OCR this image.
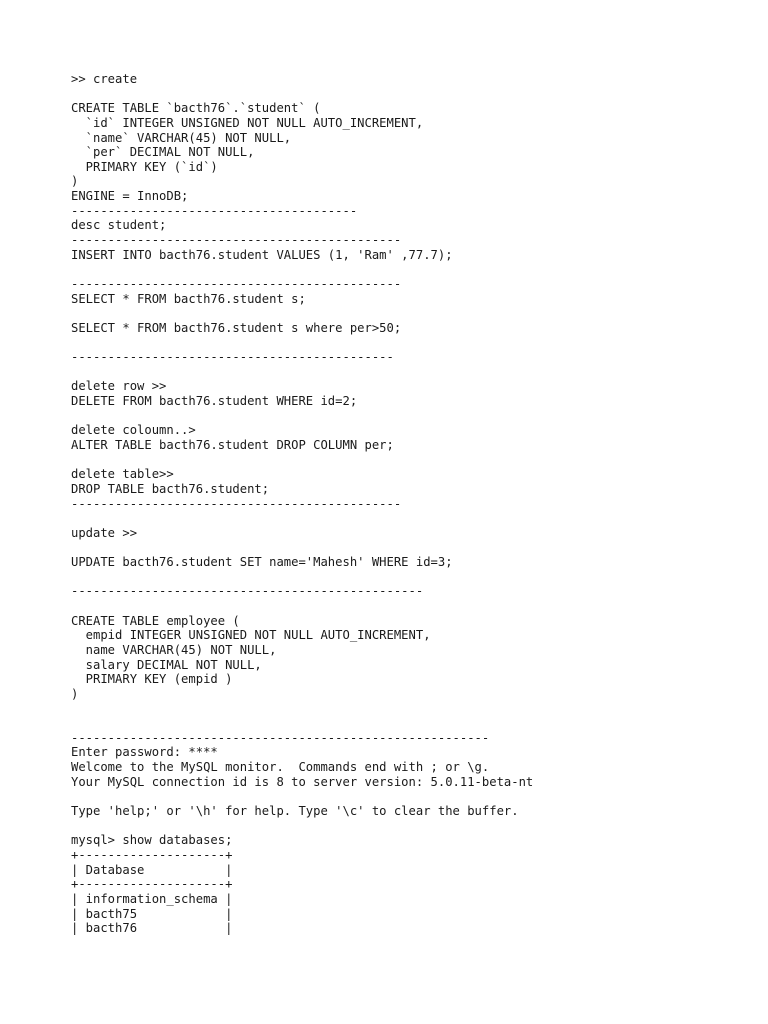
>> create
CREATE TABLE `bacth76`.`student` (
`id` INTEGER UNSIGNED NOT NULL AUTO_INCREMENT,
`name` VARCHAR(45) NOT NULL,
`per` DECIMAL NOT NULL,
PRIMARY KEY (`id`)
)
ENGINE = InnoDB;
---------------------------------------
desc student;
---------------------------------------------
INSERT INTO bacth76.student VALUES (1, 'Ram' ,77.7);
---------------------------------------------
SELECT * FROM bacth76.student s;
SELECT * FROM bacth76.student s where per>50;
--------------------------------------------
delete row >>
DELETE FROM bacth76.student WHERE id=2;
delete coloumn..>
ALTER TABLE bacth76.student DROP COLUMN per;
delete table>>
DROP TABLE bacth76.student;
---------------------------------------------
update >>
UPDATE bacth76.student SET name='Mahesh' WHERE id=3;
------------------------------------------------
CREATE TABLE employee (
empid INTEGER UNSIGNED NOT NULL AUTO_INCREMENT,
name VARCHAR(45) NOT NULL,
salary DECIMAL NOT NULL,
PRIMARY KEY (empid )
)
---------------------------------------------------------
Enter password: ****
Welcome to the MySQL monitor.  Commands end with ; or \g.
Your MySQL connection id is 8 to server version: 5.0.11-beta-nt
Type 'help;' or '\h' for help. Type '\c' to clear the buffer.
mysql> show databases;
+--------------------+
| Database           |
+--------------------+
| information_schema |
| bacth75            |
| bacth76            |
